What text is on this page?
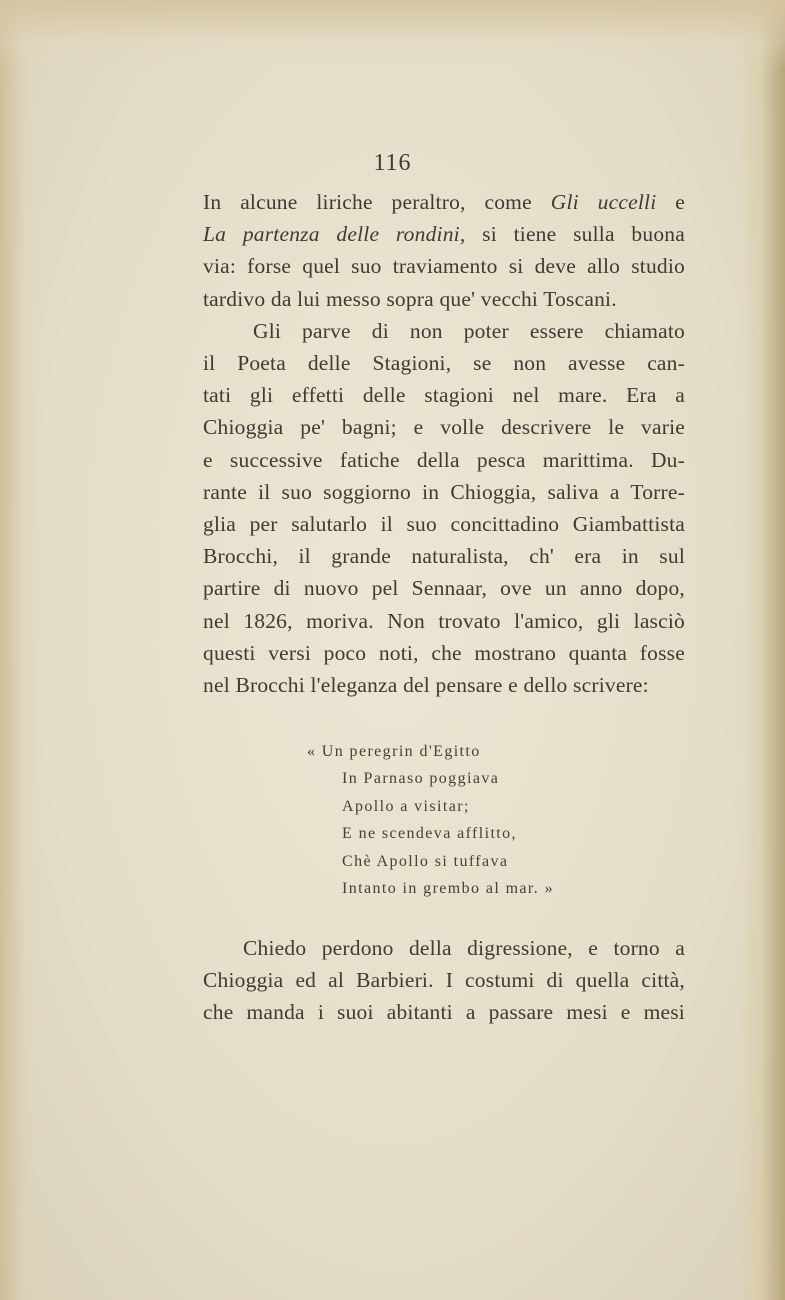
116
In alcune liriche peraltro, come Gli uccelli e
La partenza delle rondini, si tiene sulla buona
via: forse quel suo traviamento si deve allo studio
tardivo da lui messo sopra que' vecchi Toscani.
Gli parve di non poter essere chiamato
il Poeta delle Stagioni, se non avesse can-
tati gli effetti delle stagioni nel mare. Era a
Chioggia pe' bagni; e volle descrivere le varie
e successive fatiche della pesca marittima. Du-
rante il suo soggiorno in Chioggia, saliva a Torre-
glia per salutarlo il suo concittadino Giambattista
Brocchi, il grande naturalista, ch' era in sul
partire di nuovo pel Sennaar, ove un anno dopo,
nel 1826, moriva. Non trovato l'amico, gli lasciò
questi versi poco noti, che mostrano quanta fosse
nel Brocchi l'eleganza del pensare e dello scrivere:
« Un peregrin d'Egitto
In Parnaso poggiava
Apollo a visitar;
E ne scendeva afflitto,
Chè Apollo si tuffava
Intanto in grembo al mar. »
Chiedo perdono della digressione, e torno a
Chioggia ed al Barbieri. I costumi di quella città,
che manda i suoi abitanti a passare mesi e mesi
